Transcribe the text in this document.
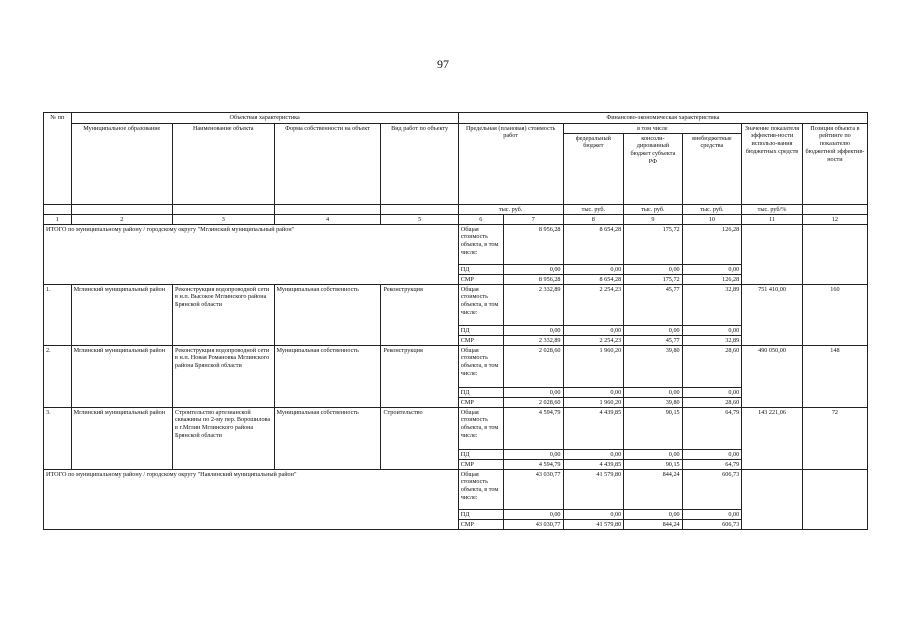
97
№ пп	Объектная характеристика				Финансово-экономическая характеристика						
	Муниципальное образование	Наименование объекта	Форма собственности на объект	Вид работ по объекту	Предельная (плановая) стоимость работ		в том числе			Значение показателя эффектив-ности использо-вания бюджетных средств	Позиция объекта в рейтинге по показателю бюджетной эффектив-ности
							федеральный бюджет	консоли-дированный бюджет субъекта РФ	внебюджетные средства		
					тыс. руб.		тыс. руб.	тыс. руб.	тыс. руб.	тыс. руб/%	
1	2	3	4	5	6	7	8	9	10	11	12
ИТОГО по муниципальному району / городскому округу "Мглинский муниципальный район"					Общая стоимость объекта, в том числе:	8 956,28	8 654,28	175,72	126,28		
					ПД	0,00	0,00	0,00	0,00		
					СМР	8 956,28	8 654,28	175,72	126,28		
1.	Мглинский муниципальный район	Реконструкция водопроводной сети в н.п. Высокое Мглинского района Брянской области	Муниципальная собственность	Реконструкция	Общая стоимость объекта, в том числе:	2 332,89	2 254,23	45,77	32,89	751 410,00	160
					ПД	0,00	0,00	0,00	0,00		
					СМР	2 332,89	2 254,23	45,77	32,89		
2.	Мглинский муниципальный район	Реконструкция водопроводной сети в н.п. Новая Романовка Мглинского района Брянской области	Муниципальная собственность	Реконструкция	Общая стоимость объекта, в том числе:	2 028,60	1 960,20	39,80	28,60	490 050,00	148
					ПД	0,00	0,00	0,00	0,00		
					СМР	2 028,60	1 960,20	39,80	28,60		
3.	Мглинский муниципальный район	Строительство артезианской скважины по 2-му пер. Ворошилова в г.Мглин Мглинского района Брянской области	Муниципальная собственность	Строительство	Общая стоимость объекта, в том числе:	4 594,79	4 439,85	90,15	64,79	143 221,06	72
					ПД	0,00	0,00	0,00	0,00		
					СМР	4 594,79	4 439,85	90,15	64,79		
ИТОГО по муниципальному району / городскому округу "Навлинский муниципальный район"					Общая стоимость объекта, в том числе:	43 030,77	41 579,80	844,24	606,73		
					ПД	0,00	0,00	0,00	0,00		
					СМР	43 030,77	41 579,80	844,24	606,73		
